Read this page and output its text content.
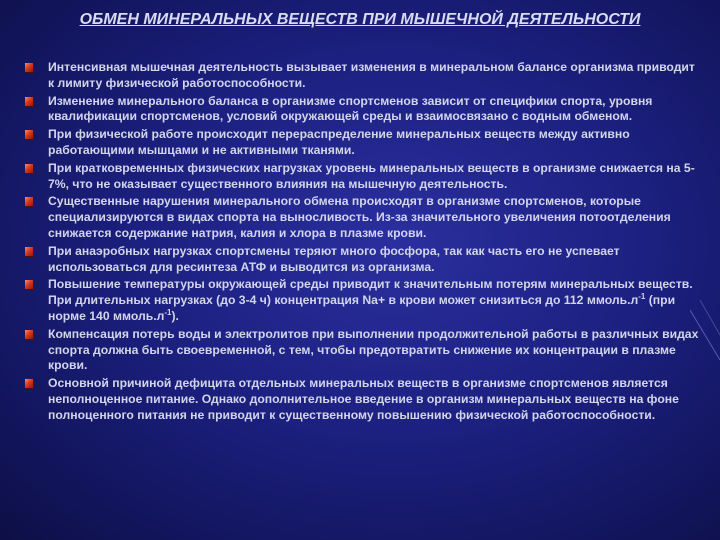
ОБМЕН МИНЕРАЛЬНЫХ ВЕЩЕСТВ ПРИ МЫШЕЧНОЙ ДЕЯТЕЛЬНОСТИ
Интенсивная мышечная деятельность вызывает изменения в минеральном балансе организма приводит к лимиту физической работоспособности.
Изменение минерального баланса в организме спортсменов зависит от специфики спорта, уровня квалификации спортсменов, условий окружающей среды и взаимосвязано с водным обменом.
При физической работе происходит перераспределение минеральных веществ между активно работающими мышцами и не активными тканями.
При кратковременных физических нагрузках уровень минеральных веществ в организме снижается на 5-7%, что не оказывает существенного влияния на мышечную деятельность.
Существенные нарушения минерального обмена происходят в организме спортсменов, которые специализируются в видах спорта на выносливость. Из-за значительного увеличения потоотделения снижается содержание натрия, калия и хлора в плазме крови.
При анаэробных нагрузках спортсмены теряют много фосфора, так как часть его не успевает использоваться для ресинтеза АТФ и выводится из организма.
Повышение температуры окружающей среды приводит к значительным потерям минеральных веществ. При длительных нагрузках (до 3-4 ч) концентрация Na+ в крови может снизиться до 112 $ммоль.л^{-1}$ (при норме 140 $ммоль.л^{-1}$).
Компенсация потерь воды и электролитов при выполнении продолжительной работы в различных видах спорта должна быть своевременной, с тем, чтобы предотвратить снижение их концентрации в плазме крови.
Основной причиной дефицита отдельных минеральных веществ в организме спортсменов является неполноценное питание. Однако дополнительное введение в организм минеральных веществ на фоне полноценного питания не приводит к существенному повышению физической работоспособности.
